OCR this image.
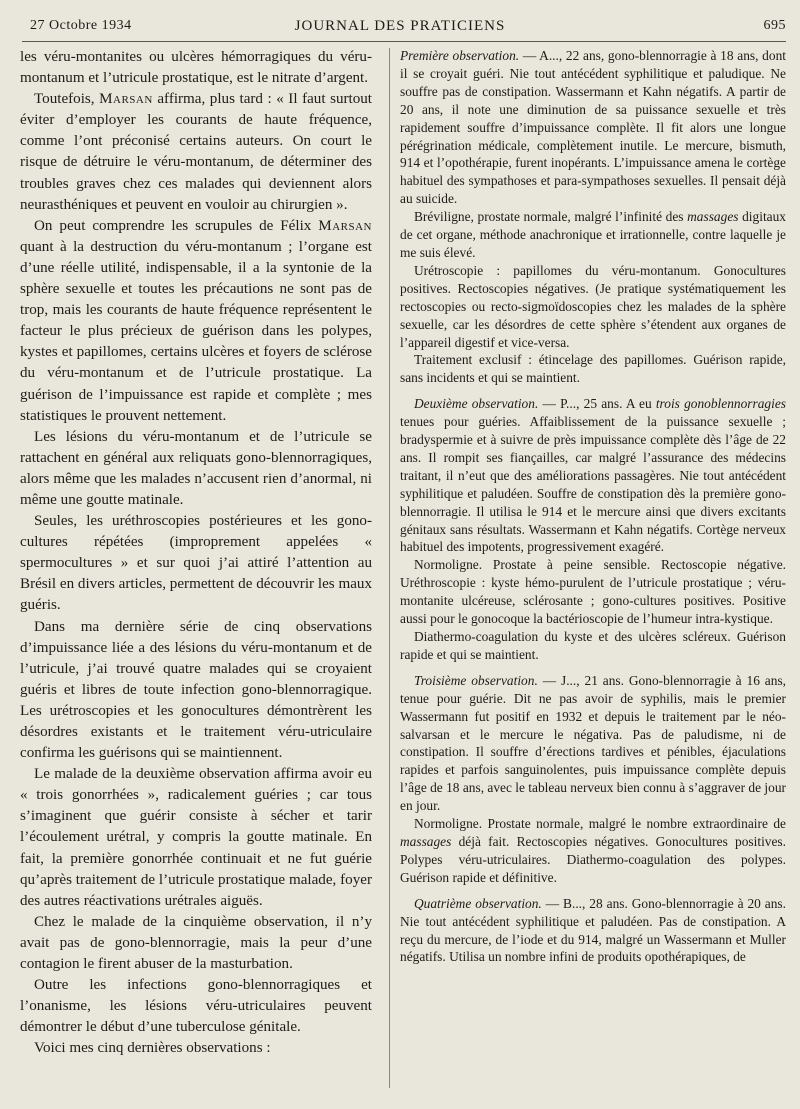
27 Octobre 1934	JOURNAL DES PRATICIENS	695

les véru-montanites ou ulcères hémorragiques du véru-montanum et l’utricule prostatique, est le nitrate d’argent.

Toutefois, Marsan affirma, plus tard : « Il faut surtout éviter d’employer les courants de haute fréquence, comme l’ont préconisé certains auteurs. On court le risque de détruire le véru-montanum, de déterminer des troubles graves chez ces malades qui deviennent alors neurasthéniques et peuvent en vouloir au chirurgien ».

On peut comprendre les scrupules de Félix Marsan quant à la destruction du véru-montanum ; l’organe est d’une réelle utilité, indispensable, il a la syntonie de la sphère sexuelle et toutes les précautions ne sont pas de trop, mais les courants de haute fréquence représentent le facteur le plus précieux de guérison dans les polypes, kystes et papillomes, certains ulcères et foyers de sclérose du véru-montanum et de l’utricule prostatique. La guérison de l’impuissance est rapide et complète ; mes statistiques le prouvent nettement.

Les lésions du véru-montanum et de l’utricule se rattachent en général aux reliquats gono-blennorragiques, alors même que les malades n’accusent rien d’anormal, ni même une goutte matinale.

Seules, les uréthroscopies postérieures et les gono-cultures répétées (improprement appelées « spermocultures » et sur quoi j’ai attiré l’attention au Brésil en divers articles, permettent de découvrir les maux guéris.

Dans ma dernière série de cinq observations d’impuissance liée a des lésions du véru-montanum et de l’utricule, j’ai trouvé quatre malades qui se croyaient guéris et libres de toute infection gono-blennorragique. Les urétroscopies et les gonocultures démontrèrent les désordres existants et le traitement véru-utriculaire confirma les guérisons qui se maintiennent.

Le malade de la deuxième observation affirma avoir eu « trois gonorrhées », radicalement guéries ; car tous s’imaginent que guérir consiste à sécher et tarir l’écoulement urétral, y compris la goutte matinale. En fait, la première gonorrhée continuait et ne fut guérie qu’après traitement de l’utricule prostatique malade, foyer des autres réactivations urétrales aiguës.

Chez le malade de la cinquième observation, il n’y avait pas de gono-blennorragie, mais la peur d’une contagion le firent abuser de la masturbation.

Outre les infections gono-blennorragiques et l’onanisme, les lésions véru-utriculaires peuvent démontrer le début d’une tuberculose génitale.

Voici mes cinq dernières observations :

Première observation. — A..., 22 ans, gono-blennorragie à 18 ans, dont il se croyait guéri. Nie tout antécédent syphilitique et paludique. Ne souffre pas de constipation. Wassermann et Kahn négatifs. A partir de 20 ans, il note une diminution de sa puissance sexuelle et très rapidement souffre d’impuissance complète. Il fit alors une longue pérégrination médicale, complètement inutile. Le mercure, bismuth, 914 et l’opothérapie, furent inopérants. L’impuissance amena le cortège habituel des sympathoses et para-sympathoses sexuelles. Il pensait déjà au suicide.

Bréviligne, prostate normale, malgré l’infinité des massages digitaux de cet organe, méthode anachronique et irrationnelle, contre laquelle je me suis élevé.

Urétroscopie : papillomes du véru-montanum. Gonocultures positives. Rectoscopies négatives. (Je pratique systématiquement les rectoscopies ou recto-sigmoïdoscopies chez les malades de la sphère sexuelle, car les désordres de cette sphère s’étendent aux organes de l’appareil digestif et vice-versa.

Traitement exclusif : étincelage des papillomes. Guérison rapide, sans incidents et qui se maintient.

Deuxième observation. — P..., 25 ans. A eu trois gonoblennorragies tenues pour guéries. Affaiblissement de la puissance sexuelle ; bradyspermie et à suivre de près impuissance complète dès l’âge de 22 ans. Il rompit ses fiançailles, car malgré l’assurance des médecins traitant, il n’eut que des améliorations passagères. Nie tout antécédent syphilitique et paludéen. Souffre de constipation dès la première gono-blennorragie. Il utilisa le 914 et le mercure ainsi que divers excitants génitaux sans résultats. Wassermann et Kahn négatifs. Cortège nerveux habituel des impotents, progressivement exagéré.

Normoligne. Prostate à peine sensible. Rectoscopie négative. Uréthroscopie : kyste hémo-purulent de l’utricule prostatique ; véru-montanite ulcéreuse, sclérosante ; gono-cultures positives. Positive aussi pour le gonocoque la bactérioscopie de l’humeur intra-kystique.

Diathermo-coagulation du kyste et des ulcères scléreux. Guérison rapide et qui se maintient.

Troisième observation. — J..., 21 ans. Gono-blennorragie à 16 ans, tenue pour guérie. Dit ne pas avoir de syphilis, mais le premier Wassermann fut positif en 1932 et depuis le traitement par le néo-salvarsan et le mercure le négativa. Pas de paludisme, ni de constipation. Il souffre d’érections tardives et pénibles, éjaculations rapides et parfois sanguinolentes, puis impuissance complète depuis l’âge de 18 ans, avec le tableau nerveux bien connu à s’aggraver de jour en jour.

Normoligne. Prostate normale, malgré le nombre extraordinaire de massages déjà fait. Rectoscopies négatives. Gonocultures positives. Polypes véru-utriculaires. Diathermo-coagulation des polypes. Guérison rapide et définitive.

Quatrième observation. — B..., 28 ans. Gono-blennorragie à 20 ans. Nie tout antécédent syphilitique et paludéen. Pas de constipation. A reçu du mercure, de l’iode et du 914, malgré un Wassermann et Muller négatifs. Utilisa un nombre infini de produits opothérapiques, de
